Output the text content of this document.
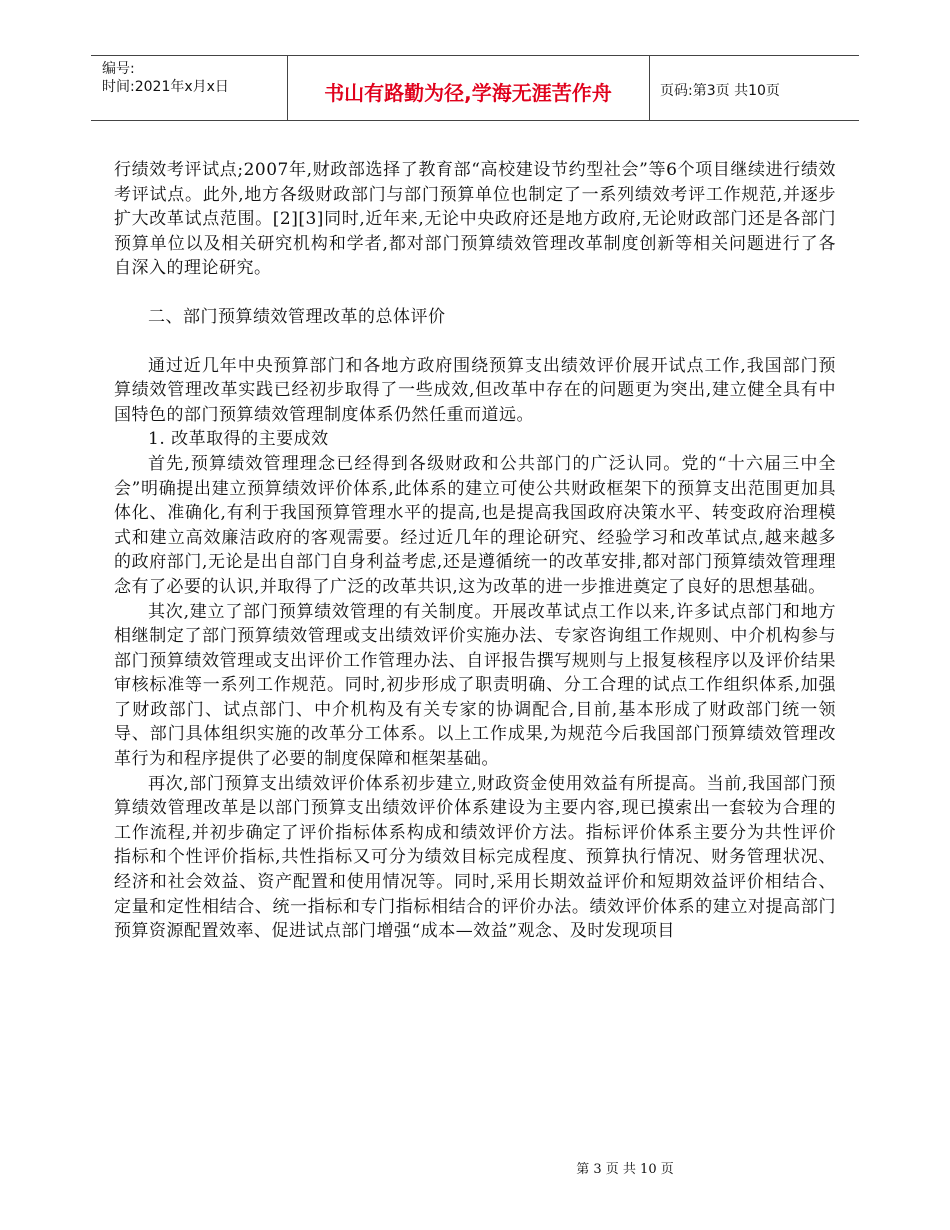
编号:
时间:2021年x月x日	书山有路勤为径,学海无涯苦作舟	页码:第3页 共10页

行绩效考评试点;2007年,财政部选择了教育部“高校建设节约型社会”等6个项目继续进行绩效考评试点。此外,地方各级财政部门与部门预算单位也制定了一系列绩效考评工作规范,并逐步扩大改革试点范围。[2][3]同时,近年来,无论中央政府还是地方政府,无论财政部门还是各部门预算单位以及相关研究机构和学者,都对部门预算绩效管理改革制度创新等相关问题进行了各自深入的理论研究。

二、部门预算绩效管理改革的总体评价

通过近几年中央预算部门和各地方政府围绕预算支出绩效评价展开试点工作,我国部门预算绩效管理改革实践已经初步取得了一些成效,但改革中存在的问题更为突出,建立健全具有中国特色的部门预算绩效管理制度体系仍然任重而道远。

1. 改革取得的主要成效

首先,预算绩效管理理念已经得到各级财政和公共部门的广泛认同。党的“十六届三中全会”明确提出建立预算绩效评价体系,此体系的建立可使公共财政框架下的预算支出范围更加具体化、准确化,有利于我国预算管理水平的提高,也是提高我国政府决策水平、转变政府治理模式和建立高效廉洁政府的客观需要。经过近几年的理论研究、经验学习和改革试点,越来越多的政府部门,无论是出自部门自身利益考虑,还是遵循统一的改革安排,都对部门预算绩效管理理念有了必要的认识,并取得了广泛的改革共识,这为改革的进一步推进奠定了良好的思想基础。

其次,建立了部门预算绩效管理的有关制度。开展改革试点工作以来,许多试点部门和地方相继制定了部门预算绩效管理或支出绩效评价实施办法、专家咨询组工作规则、中介机构参与部门预算绩效管理或支出评价工作管理办法、自评报告撰写规则与上报复核程序以及评价结果审核标准等一系列工作规范。同时,初步形成了职责明确、分工合理的试点工作组织体系,加强了财政部门、试点部门、中介机构及有关专家的协调配合,目前,基本形成了财政部门统一领导、部门具体组织实施的改革分工体系。以上工作成果,为规范今后我国部门预算绩效管理改革行为和程序提供了必要的制度保障和框架基础。

再次,部门预算支出绩效评价体系初步建立,财政资金使用效益有所提高。当前,我国部门预算绩效管理改革是以部门预算支出绩效评价体系建设为主要内容,现已摸索出一套较为合理的工作流程,并初步确定了评价指标体系构成和绩效评价方法。指标评价体系主要分为共性评价指标和个性评价指标,共性指标又可分为绩效目标完成程度、预算执行情况、财务管理状况、经济和社会效益、资产配置和使用情况等。同时,采用长期效益评价和短期效益评价相结合、定量和定性相结合、统一指标和专门指标相结合的评价办法。绩效评价体系的建立对提高部门预算资源配置效率、促进试点部门增强“成本—效益”观念、及时发现项目

第 3 页 共 10 页
